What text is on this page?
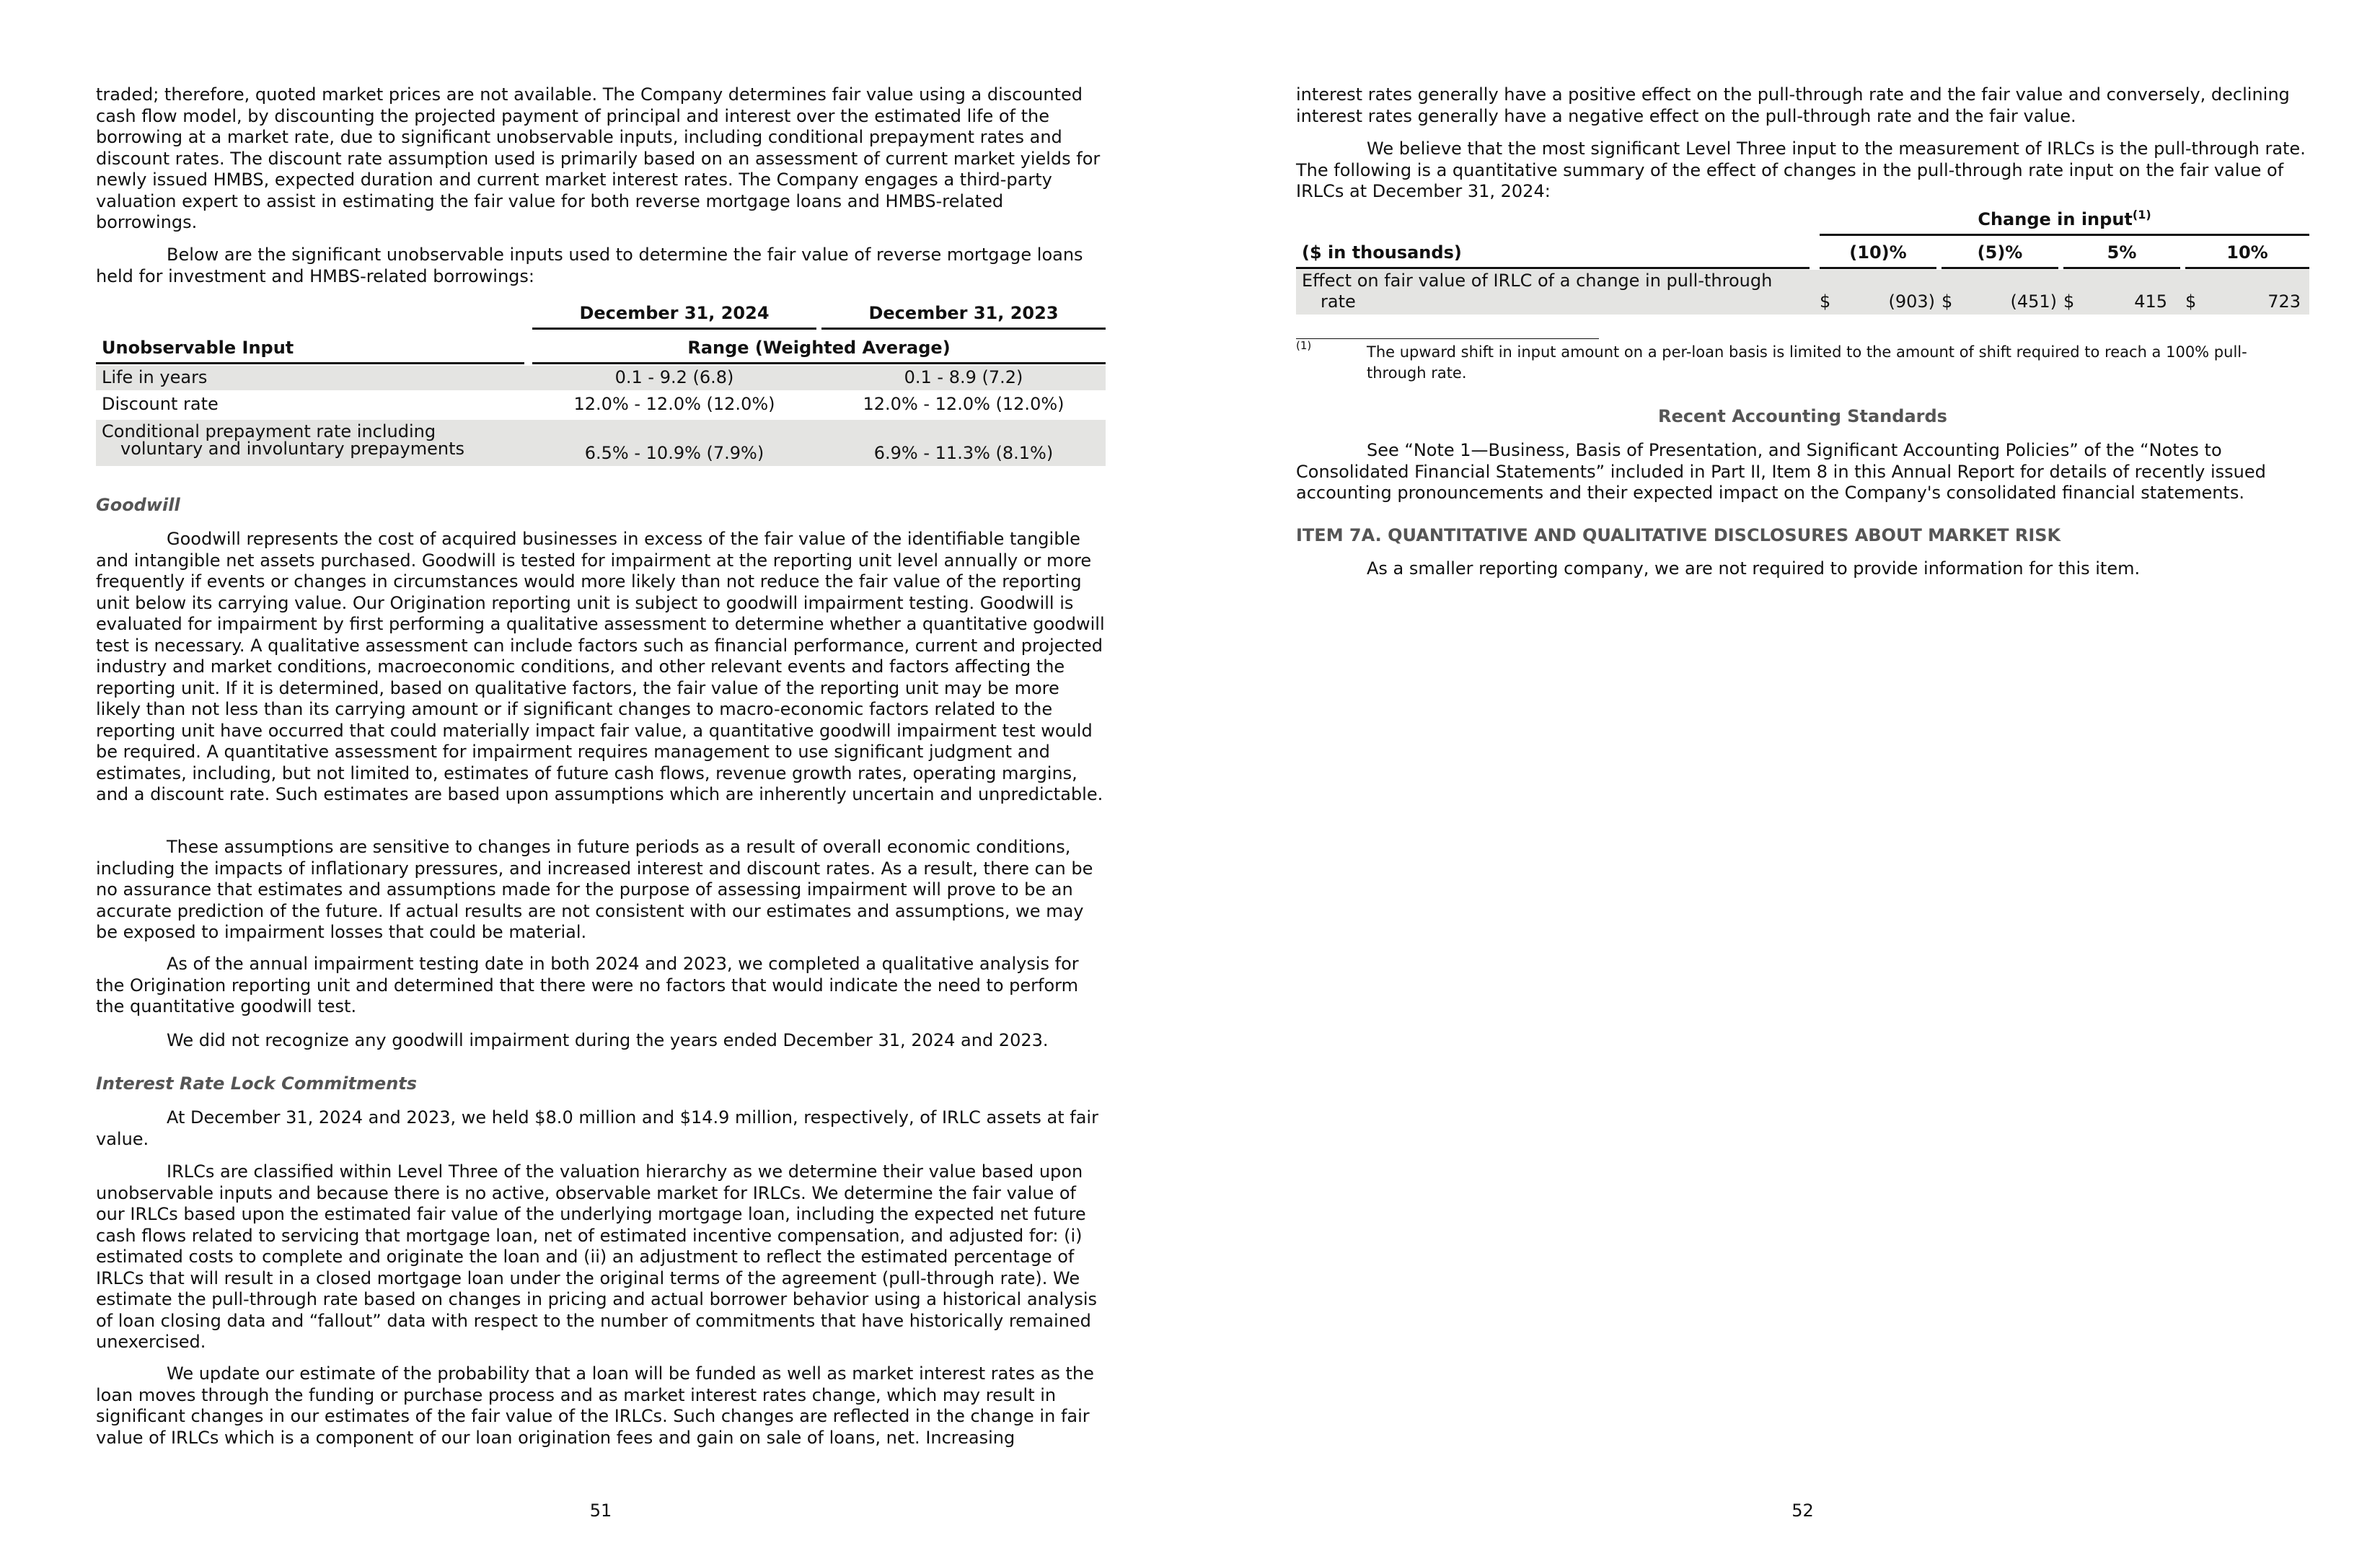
traded; therefore, quoted market prices are not available. The Company determines fair value using a discounted cash flow model, by discounting the projected payment of principal and interest over the estimated life of the borrowing at a market rate, due to significant unobservable inputs, including conditional prepayment rates and discount rates. The discount rate assumption used is primarily based on an assessment of current market yields for newly issued HMBS, expected duration and current market interest rates. The Company engages a third-party valuation expert to assist in estimating the fair value for both reverse mortgage loans and HMBS-related borrowings.

Below are the significant unobservable inputs used to determine the fair value of reverse mortgage loans held for investment and HMBS-related borrowings:

December 31, 2024	December 31, 2023
Unobservable Input	Range (Weighted Average)
Life in years	0.1 - 9.2 (6.8)	0.1 - 8.9 (7.2)
Discount rate	12.0% - 12.0% (12.0%)	12.0% - 12.0% (12.0%)
Conditional prepayment rate including
voluntary and involuntary prepayments	6.5% - 10.9% (7.9%)	6.9% - 11.3% (8.1%)
Goodwill

Goodwill represents the cost of acquired businesses in excess of the fair value of the identifiable tangible and intangible net assets purchased. Goodwill is tested for impairment at the reporting unit level annually or more frequently if events or changes in circumstances would more likely than not reduce the fair value of the reporting unit below its carrying value. Our Origination reporting unit is subject to goodwill impairment testing. Goodwill is evaluated for impairment by first performing a qualitative assessment to determine whether a quantitative goodwill test is necessary. A qualitative assessment can include factors such as financial performance, current and projected industry and market conditions, macroeconomic conditions, and other relevant events and factors affecting the reporting unit. If it is determined, based on qualitative factors, the fair value of the reporting unit may be more likely than not less than its carrying amount or if significant changes to macro-economic factors related to the reporting unit have occurred that could materially impact fair value, a quantitative goodwill impairment test would be required. A quantitative assessment for impairment requires management to use significant judgment and estimates, including, but not limited to, estimates of future cash flows, revenue growth rates, operating margins, and a discount rate. Such estimates are based upon assumptions which are inherently uncertain and unpredictable.

These assumptions are sensitive to changes in future periods as a result of overall economic conditions, including the impacts of inflationary pressures, and increased interest and discount rates. As a result, there can be no assurance that estimates and assumptions made for the purpose of assessing impairment will prove to be an accurate prediction of the future. If actual results are not consistent with our estimates and assumptions, we may be exposed to impairment losses that could be material.

As of the annual impairment testing date in both 2024 and 2023, we completed a qualitative analysis for the Origination reporting unit and determined that there were no factors that would indicate the need to perform the quantitative goodwill test.

We did not recognize any goodwill impairment during the years ended December 31, 2024 and 2023.

Interest Rate Lock Commitments

At December 31, 2024 and 2023, we held $8.0 million and $14.9 million, respectively, of IRLC assets at fair value.

IRLCs are classified within Level Three of the valuation hierarchy as we determine their value based upon unobservable inputs and because there is no active, observable market for IRLCs. We determine the fair value of our IRLCs based upon the estimated fair value of the underlying mortgage loan, including the expected net future cash flows related to servicing that mortgage loan, net of estimated incentive compensation, and adjusted for: (i) estimated costs to complete and originate the loan and (ii) an adjustment to reflect the estimated percentage of IRLCs that will result in a closed mortgage loan under the original terms of the agreement (pull-through rate). We estimate the pull-through rate based on changes in pricing and actual borrower behavior using a historical analysis of loan closing data and “fallout” data with respect to the number of commitments that have historically remained unexercised.

We update our estimate of the probability that a loan will be funded as well as market interest rates as the loan moves through the funding or purchase process and as market interest rates change, which may result in significant changes in our estimates of the fair value of the IRLCs. Such changes are reflected in the change in fair value of IRLCs which is a component of our loan origination fees and gain on sale of loans, net. Increasing

51

interest rates generally have a positive effect on the pull-through rate and the fair value and conversely, declining interest rates generally have a negative effect on the pull-through rate and the fair value.

We believe that the most significant Level Three input to the measurement of IRLCs is the pull-through rate. The following is a quantitative summary of the effect of changes in the pull-through rate input on the fair value of IRLCs at December 31, 2024:

Change in input$^{(1)}$
($ in thousands)	(10)%	(5)%	5%	10%
Effect on fair value of IRLC of a change in pull-through
rate	$	(903) $	(451) $	415 $	723
(1)	The upward shift in input amount on a per-loan basis is limited to the amount of shift required to reach a 100% pull-through rate.
Recent Accounting Standards

See “Note 1—Business, Basis of Presentation, and Significant Accounting Policies” of the “Notes to Consolidated Financial Statements” included in Part II, Item 8 in this Annual Report for details of recently issued accounting pronouncements and their expected impact on the Company's consolidated financial statements.

ITEM 7A. QUANTITATIVE AND QUALITATIVE DISCLOSURES ABOUT MARKET RISK

As a smaller reporting company, we are not required to provide information for this item.

52
